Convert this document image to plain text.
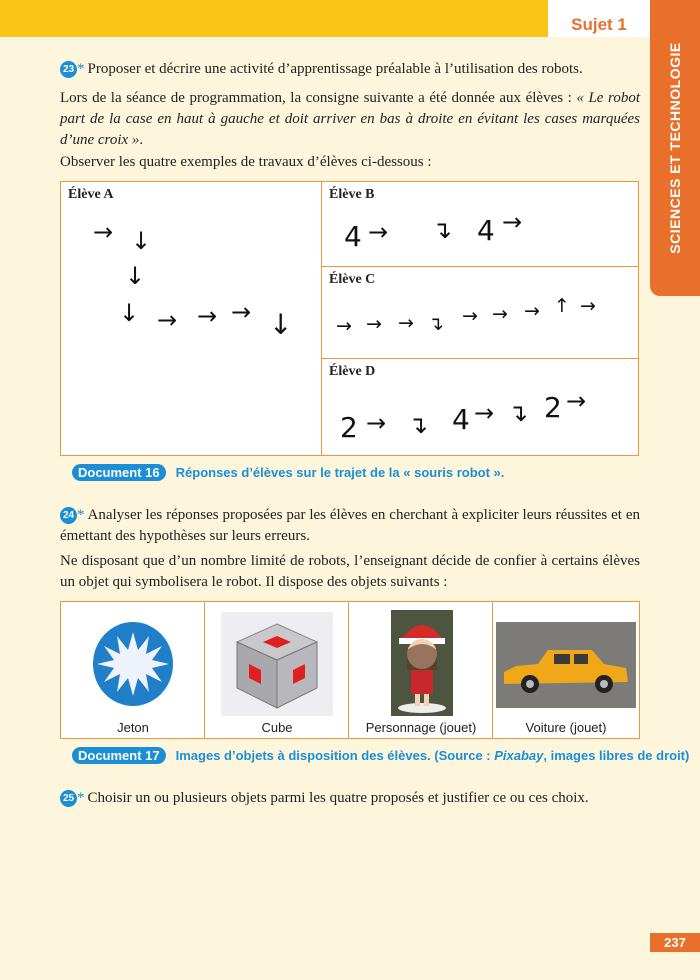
Sujet 1
SCIENCES ET TECHNOLOGIE
23 * Proposer et décrire une activité d’apprentissage préalable à l’utilisation des robots.
Lors de la séance de programmation, la consigne suivante a été donnée aux élèves : « Le robot part de la case en haut à gauche et doit arriver en bas à droite en évitant les cases marquées d’une croix ».
Observer les quatre exemples de travaux d’élèves ci-dessous :
Élève A
→ ↓
↓
↓ → → → ↓
Élève B
4 → ↴ 4 →
Élève C
→ → → ↴ → → → ↑ →
Élève D
2 → ↴ 4 → ↴ 2 →
Document 16 Réponses d’élèves sur le trajet de la « souris robot ».
24 * Analyser les réponses proposées par les élèves en cherchant à expliciter leurs réussites et en émettant des hypothèses sur leurs erreurs.
Ne disposant que d’un nombre limité de robots, l’enseignant décide de confier à certains élèves un objet qui symbolisera le robot. Il dispose des objets suivants :
Jeton	Cube	Personnage (jouet)	Voiture (jouet)
Document 17 Images d’objets à disposition des élèves. (Source : Pixabay, images libres de droit)
25 * Choisir un ou plusieurs objets parmi les quatre proposés et justifier ce ou ces choix.
237
